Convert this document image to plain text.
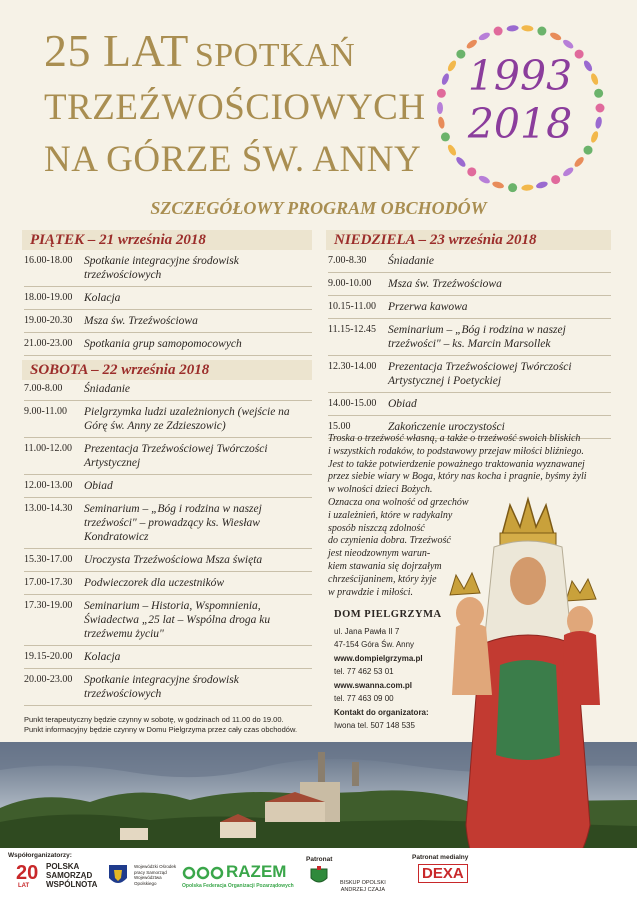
25 LAT SPOTKAŃ
TRZEŹWOŚCIOWYCH
NA GÓRZE ŚW. ANNY
1993
2018
SZCZEGÓŁOWY PROGRAM OBCHODÓW
PIĄTEK – 21 września 2018
16.00-18.00	Spotkanie integracyjne środowisk trzeźwościowych
18.00-19.00	Kolacja
19.00-20.30	Msza św. Trzeźwościowa
21.00-23.00	Spotkania grup samopomocowych
SOBOTA – 22 września 2018
7.00-8.00	Śniadanie
9.00-11.00	Pielgrzymka ludzi uzależnionych (wejście na Górę św. Anny ze Zdzieszowic)
11.00-12.00	Prezentacja Trzeźwościowej Twórczości Artystycznej
12.00-13.00	Obiad
13.00-14.30	Seminarium – „Bóg i rodzina w naszej trzeźwości" – prowadzący ks. Wiesław Kondratowicz
15.30-17.00	Uroczysta Trzeźwościowa Msza święta
17.00-17.30	Podwieczorek dla uczestników
17.30-19.00	Seminarium – Historia, Wspomnienia, Świadectwa „25 lat – Wspólna droga ku trzeźwemu życiu"
19.15-20.00	Kolacja
20.00-23.00	Spotkanie integracyjne środowisk trzeźwościowych
NIEDZIELA – 23 września 2018
7.00-8.30	Śniadanie
9.00-10.00	Msza św. Trzeźwościowa
10.15-11.00	Przerwa kawowa
11.15-12.45	Seminarium – „Bóg i rodzina w naszej trzeźwości" – ks. Marcin Marsollek
12.30-14.00	Prezentacja Trzeźwościowej Twórczości Artystycznej i Poetyckiej
14.00-15.00	Obiad
15.00	Zakończenie uroczystości
Troska o trzeźwość własną, a także o trzeźwość swoich bliskich
i wszystkich rodaków, to podstawowy przejaw miłości bliźniego.
Jest to także potwierdzenie poważnego traktowania wyznawanej
przez siebie wiary w Boga, który nas kocha i pragnie, byśmy żyli
w wolności dzieci Bożych.
Oznacza ona wolność od grzechów
i uzależnień, które w radykalny
sposób niszczą zdolność
do czynienia dobra. Trzeźwość
jest nieodzownym warun-
kiem stawania się dojrzałym
chrześcijaninem, który żyje
w prawdzie i miłości.
DOM PIELGRZYMA
ul. Jana Pawła II 7
47-154 Góra Św. Anny
www.dompielgrzyma.pl
tel. 77 462 53 01
www.swanna.com.pl
tel. 77 463 09 00
Kontakt do organizatora:
Iwona tel. 507 148 535
Punkt terapeutyczny będzie czynny w sobotę, w godzinach od 11.00 do 19.00.
Punkt informacyjny będzie czynny w Domu Pielgrzyma przez cały czas obchodów.
Współorganizatorzy:
20
LAT
POLSKA
SAMORZĄD
WSPÓLNOTA
Wojewódzki Ośrodek
pracy Samorząd
Województwa
Opolskiego
RAZEM
Opolska Federacja Organizacji Pozarządowych
Patronat
BISKUP OPOLSKI
ANDRZEJ CZAJA
Patronat medialny
DEXA
